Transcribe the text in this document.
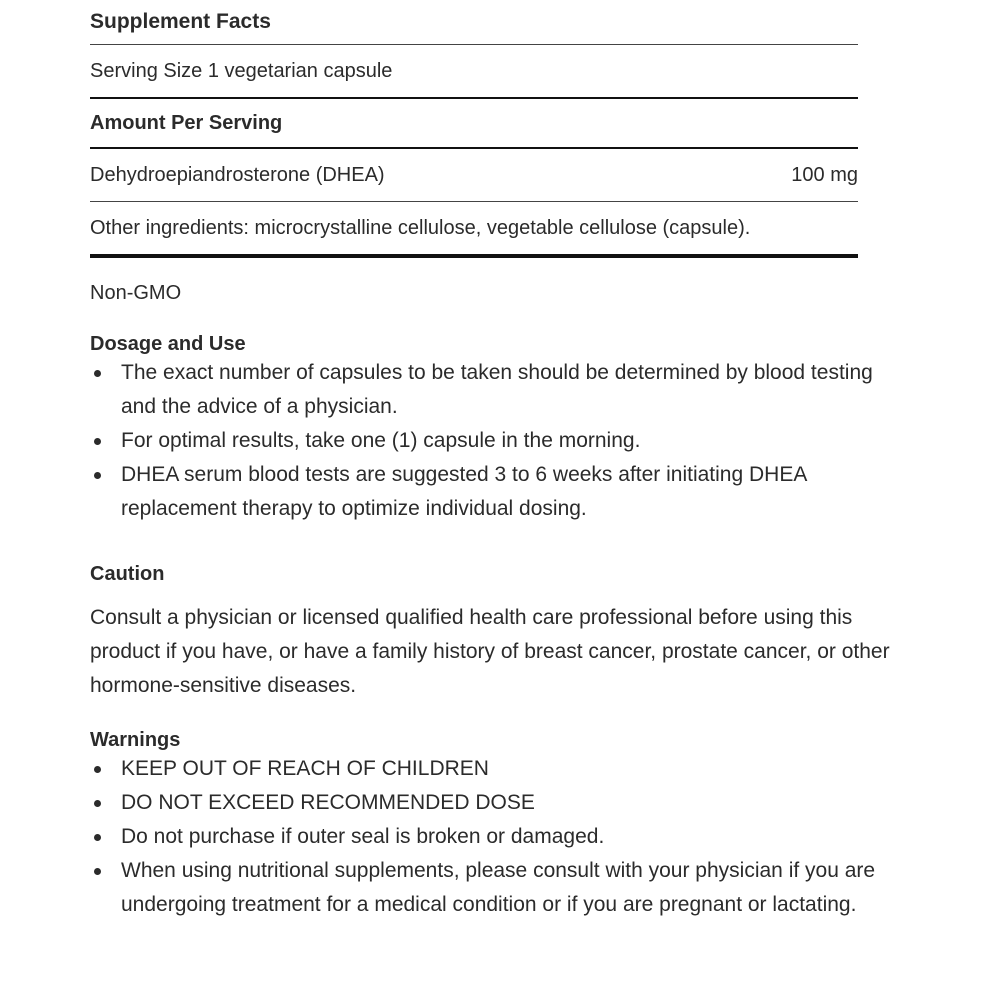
Supplement Facts
Serving Size 1 vegetarian capsule
Amount Per Serving
Dehydroepiandrosterone (DHEA)	100 mg
Other ingredients: microcrystalline cellulose, vegetable cellulose (capsule).
Non-GMO
Dosage and Use
The exact number of capsules to be taken should be determined by blood testing and the advice of a physician.
For optimal results, take one (1) capsule in the morning.
DHEA serum blood tests are suggested 3 to 6 weeks after initiating DHEA replacement therapy to optimize individual dosing.
Caution
Consult a physician or licensed qualified health care professional before using this product if you have, or have a family history of breast cancer, prostate cancer, or other hormone-sensitive diseases.
Warnings
KEEP OUT OF REACH OF CHILDREN
DO NOT EXCEED RECOMMENDED DOSE
Do not purchase if outer seal is broken or damaged.
When using nutritional supplements, please consult with your physician if you are undergoing treatment for a medical condition or if you are pregnant or lactating.
